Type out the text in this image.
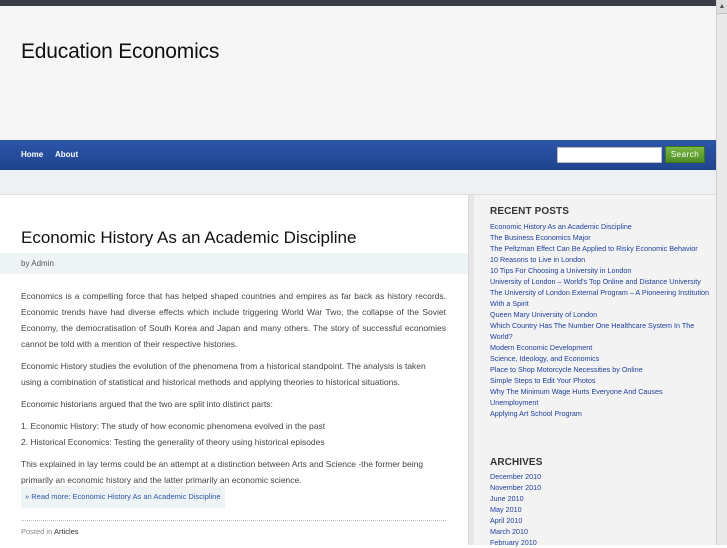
Education Economics
Home About	Search
Economic History As an Academic Discipline
by Admin

Economics is a compelling force that has helped shaped countries and empires as far back as history records. Economic trends have had diverse effects which include triggering World War Two, the collapse of the Soviet Economy, the democratisation of South Korea and Japan and many others. The story of successful economies cannot be told with a mention of their respective histories.

Economic History studies the evolution of the phenomena from a historical standpoint. The analysis is taken using a combination of statistical and historical methods and applying theories to historical situations.

Economic historians argued that the two are split into distinct parts:

1. Economic History: The study of how economic phenomena evolved in the past
2. Historical Economics: Testing the generality of theory using historical episodes

This explained in lay terms could be an attempt at a distinction between Arts and Science -the former being primarily an economic history and the latter primarily an economic science.

» Read more: Economic History As an Academic Discipline
Posted in Articles
RECENT POSTS
Economic History As an Academic Discipline
The Business Economics Major
The Peltzman Effect Can Be Applied to Risky Economic Behavior
10 Reasons to Live in London
10 Tips For Choosing a University in London
University of London – World's Top Online and Distance University
The University of London External Program – A Pioneering Institution With a Spirit
Queen Mary University of London
Which Country Has The Number One Healthcare System In The World?
Modern Economic Development
Science, Ideology, and Economics
Place to Shop Motorcycle Necessities by Online
Simple Steps to Edit Your Photos
Why The Minimum Wage Hurts Everyone And Causes Unemployment
Applying Art School Program
ARCHIVES
December 2010
November 2010
June 2010
May 2010
April 2010
March 2010
February 2010
▲
